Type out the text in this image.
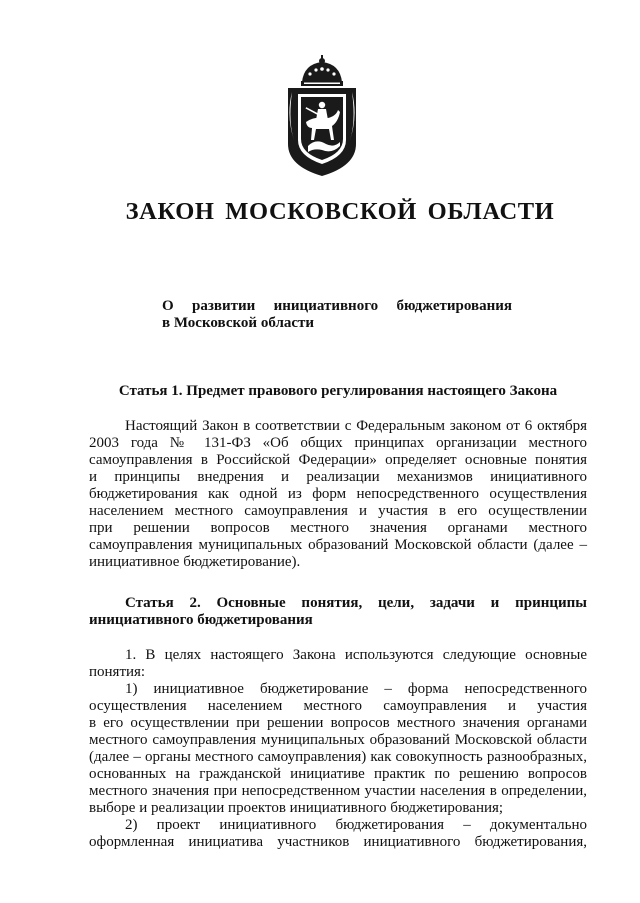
ЗАКОН МОСКОВСКОЙ ОБЛАСТИ
О развитии инициативного бюджетирования
в Московской области
Статья 1. Предмет правового регулирования настоящего Закона
Настоящий Закон в соответствии с Федеральным законом от 6 октября
2003 года № 131-ФЗ «Об общих принципах организации местного
самоуправления в Российской Федерации» определяет основные понятия
и принципы внедрения и реализации механизмов инициативного
бюджетирования как одной из форм непосредственного осуществления
населением местного самоуправления и участия в его осуществлении
при решении вопросов местного значения органами местного
самоуправления муниципальных образований Московской области (далее –
инициативное бюджетирование).
Статья 2. Основные понятия, цели, задачи и принципы
инициативного бюджетирования
1. В целях настоящего Закона используются следующие основные
понятия:
1) инициативное бюджетирование – форма непосредственного
осуществления населением местного самоуправления и участия
в его осуществлении при решении вопросов местного значения органами
местного самоуправления муниципальных образований Московской области
(далее – органы местного самоуправления) как совокупность разнообразных,
основанных на гражданской инициативе практик по решению вопросов
местного значения при непосредственном участии населения в определении,
выборе и реализации проектов инициативного бюджетирования;
2) проект инициативного бюджетирования – документально
оформленная инициатива участников инициативного бюджетирования,
